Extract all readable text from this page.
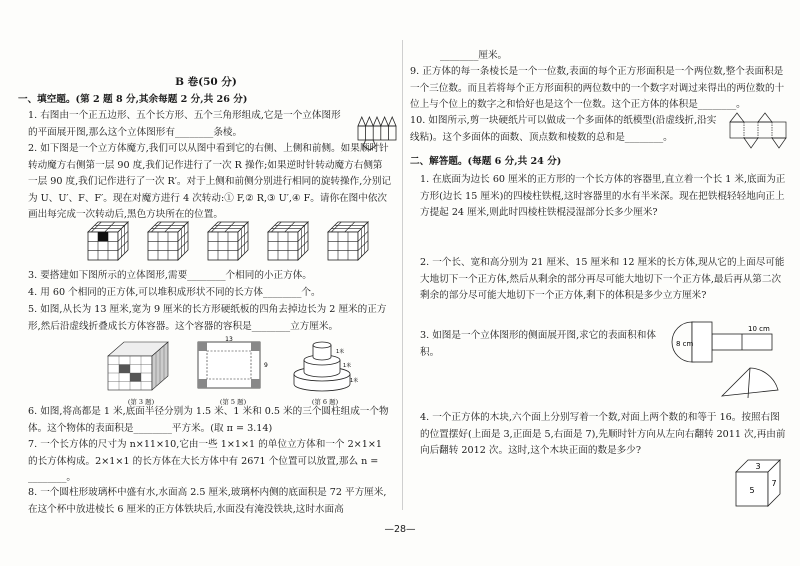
B 卷(50 分)
一、填空题。(第 2 题 8 分,其余每题 2 分,共 26 分)
1. 右图由一个正五边形、五个长方形、五个三角形组成,它是一个立体图形的平面展开图,那么这个立体图形有________条棱。
2. 如下图是一个立方体魔方,我们可以从图中看到它的右侧、上侧和前侧。如果顺时针转动魔方右侧第一层 90 度,我们记作进行了一次 R 操作;如果逆时针转动魔方右侧第一层 90 度,我们记作进行了一次 R′。对于上侧和前侧分别进行相同的旋转操作,分别记为 U、U′、F、F′。现在对魔方进行 4 次转动:① F,② R,③ U′,④ F。请你在图中依次画出每完成一次转动后,黑色方块所在的位置。
3. 要搭建如下图所示的立体图形,需要________个相同的小正方体。
4. 用 60 个相同的正方体,可以堆积成形状不同的长方体________个。
5. 如图,从长为 13 厘米,宽为 9 厘米的长方形硬纸板的四角去掉边长为 2 厘米的正方形,然后沿虚线折叠成长方体容器。这个容器的容积是________立方厘米。
(第 3 题)
13
9
(第 5 题)
1米
1米
1米
(第 6 题)
6. 如图,将高都是 1 米,底面半径分别为 1.5 米、1 米和 0.5 米的三个圆柱组成一个物体。这个物体的表面积是________平方米。(取 π = 3.14)
7. 一个长方体的尺寸为 n×11×10,它由一些 1×1×1 的单位立方体和一个 2×1×1 的长方体构成。2×1×1 的长方体在大长方体中有 2671 个位置可以放置,那么 n = ________。
8. 一个圆柱形玻璃杯中盛有水,水面高 2.5 厘米,玻璃杯内侧的底面积是 72 平方厘米,在这个杯中放进棱长 6 厘米的正方体铁块后,水面没有淹没铁块,这时水面高
________厘米。
9. 正方体的每一条棱长是一个一位数,表面的每个正方形面积是一个两位数,整个表面积是一个三位数。而且若将每个正方形面积的两位数中的一个数字对调过来得出的两位数的十位上与个位上的数字之和恰好也是这个一位数。这个正方体的体积是________。
10. 如图所示,剪一块硬纸片可以做成一个多面体的纸模型(沿虚线折,沿实线粘)。这个多面体的面数、顶点数和棱数的总和是________。
二、解答题。(每题 6 分,共 24 分)
1. 在底面为边长 60 厘米的正方形的一个长方体的容器里,直立着一个长 1 米,底面为正方形(边长 15 厘米)的四棱柱铁棍,这时容器里的水有半米深。现在把铁棍轻轻地向正上方提起 24 厘米,则此时四棱柱铁棍浸湿部分长多少厘米?
2. 一个长、宽和高分别为 21 厘米、15 厘米和 12 厘米的长方体,现从它的上面尽可能大地切下一个正方体,然后从剩余的部分再尽可能大地切下一个正方体,最后再从第二次剩余的部分尽可能大地切下一个正方体,剩下的体积是多少立方厘米?
3. 如图是一个立体图形的侧面展开图,求它的表面积和体积。
10 cm
8 cm
4. 一个正方体的木块,六个面上分别写着一个数,对面上两个数的和等于 16。按照右图的位置摆好(上面是 3,正面是 5,右面是 7),先顺时针方向从左向右翻转 2011 次,再由前向后翻转 2012 次。这时,这个木块正面的数是多少?
3
5
7
—28—
